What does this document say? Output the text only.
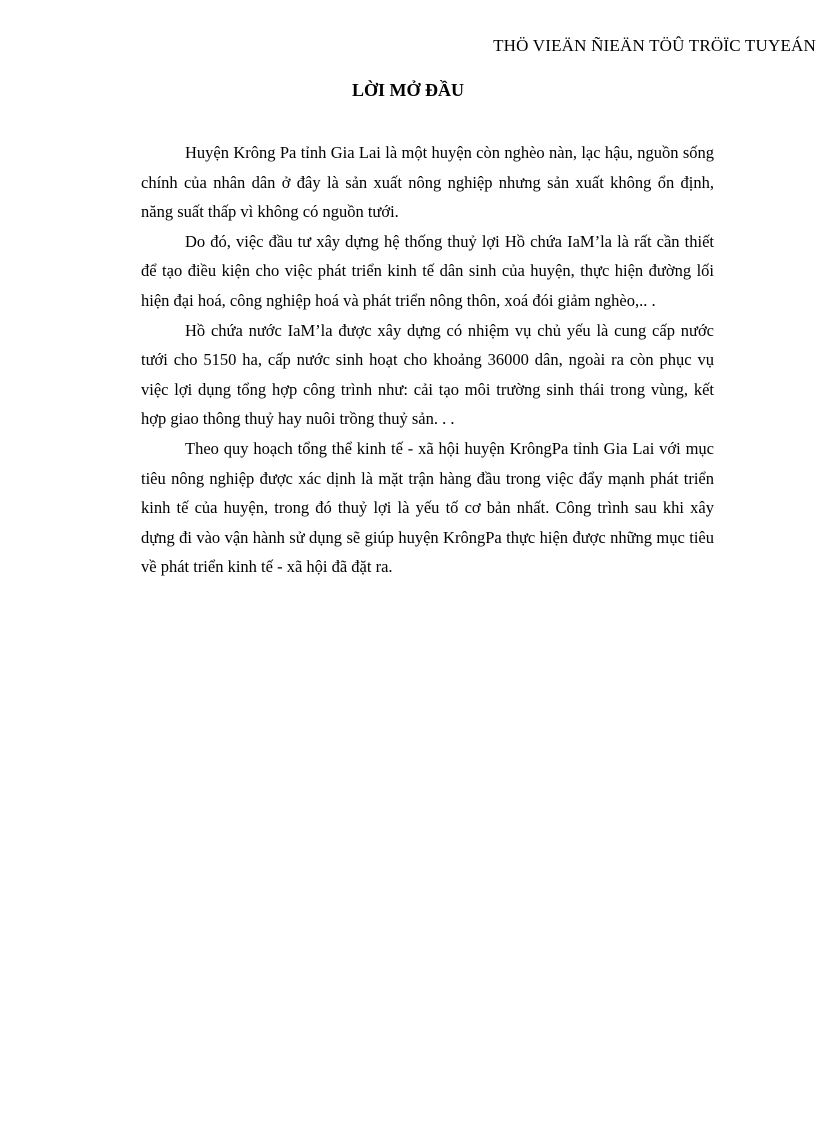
THÖ VIEÄN ÑIEÄN TÖÛ TRÖÏC TUYEÁN
LỜI MỞ ĐẦU

Huyện Krông Pa tỉnh Gia Lai là một huyện còn nghèo nàn, lạc hậu, nguồn sống chính của nhân dân ở đây là sản xuất nông nghiệp nhưng sản xuất không ổn định, năng suất thấp vì không có nguồn tưới.

Do đó, việc đầu tư xây dựng hệ thống thuỷ lợi Hồ chứa IaM’la là rất cần thiết để tạo điều kiện cho việc phát triển kinh tế dân sinh của huyện, thực hiện đường lối hiện đại hoá, công nghiệp hoá và phát triển nông thôn, xoá đói giảm nghèo,.. .

Hồ chứa nước IaM’la được xây dựng có nhiệm vụ chủ yếu là cung cấp nước tưới cho 5150 ha, cấp nước sinh hoạt cho khoảng 36000 dân, ngoài ra còn phục vụ việc lợi dụng tổng hợp công trình như: cải tạo môi trường sinh thái trong vùng, kết hợp giao thông thuỷ hay nuôi trồng thuỷ sản. . .

Theo quy hoạch tổng thể kinh tế - xã hội huyện KrôngPa tỉnh Gia Lai với mục tiêu nông nghiệp được xác dịnh là mặt trận hàng đầu trong việc đẩy mạnh phát triển kinh tế của huyện, trong đó thuỷ lợi là yếu tố cơ bản nhất. Công trình sau khi xây dựng đi vào vận hành sử dụng sẽ giúp huyện KrôngPa thực hiện được những mục tiêu về phát triển kinh tế - xã hội đã đặt ra.
